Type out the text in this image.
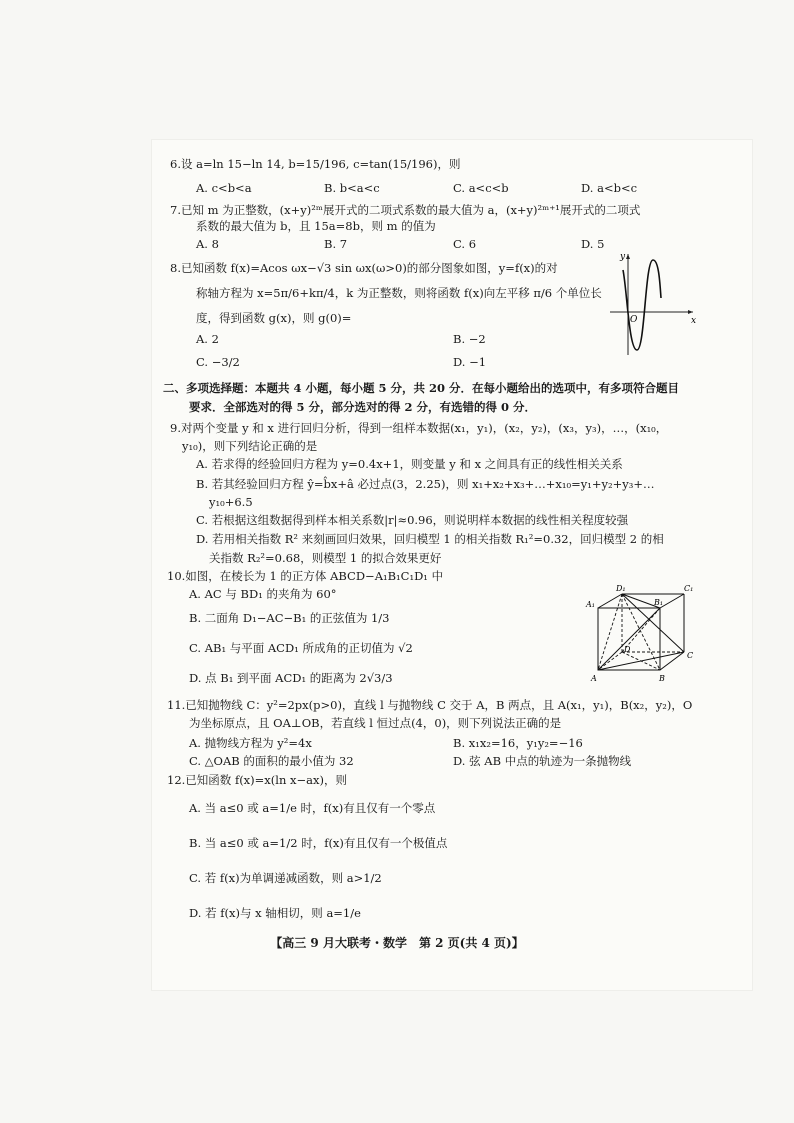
6.设 a=ln 15−ln 14, b=15/196, c=tan(15/196)，则
A. c<b<a	B. b<a<c	C. a<c<b	D. a<b<c
7.已知 m 为正整数，(x+y)²ᵐ展开式的二项式系数的最大值为 a，(x+y)²ᵐ⁺¹展开式的二项式
系数的最大值为 b，且 15a=8b，则 m 的值为
A. 8	B. 7	C. 6	D. 5
8.已知函数 f(x)=Acos ωx−√3 sin ωx(ω>0)的部分图象如图，y=f(x)的对
称轴方程为 x=5π/6+kπ/4，k 为正整数，则将函数 f(x)向左平移 π/6 个单位长
度，得到函数 g(x)，则 g(0)=
A. 2	B. −2
C. −3/2	D. −1
y
x
O
二、多项选择题：本题共 4 小题，每小题 5 分，共 20 分．在每小题给出的选项中，有多项符合题目
要求．全部选对的得 5 分，部分选对的得 2 分，有选错的得 0 分．
9.对两个变量 y 和 x 进行回归分析，得到一组样本数据(x₁，y₁)，(x₂，y₂)，(x₃，y₃)，…，(x₁₀，
y₁₀)，则下列结论正确的是
A. 若求得的经验回归方程为 y=0.4x+1，则变量 y 和 x 之间具有正的线性相关关系
B. 若其经验回归方程 ŷ=b̂x+â 必过点(3，2.25)，则 x₁+x₂+x₃+…+x₁₀=y₁+y₂+y₃+…
y₁₀+6.5
C. 若根据这组数据得到样本相关系数|r|≈0.96，则说明样本数据的线性相关程度较强
D. 若用相关指数 R² 来刻画回归效果，回归模型 1 的相关指数 R₁²=0.32，回归模型 2 的相
关指数 R₂²=0.68，则模型 1 的拟合效果更好
10.如图，在棱长为 1 的正方体 ABCD−A₁B₁C₁D₁ 中
A. AC 与 BD₁ 的夹角为 60°
B. 二面角 D₁−AC−B₁ 的正弦值为 1/3
C. AB₁ 与平面 ACD₁ 所成角的正切值为 √2
D. 点 B₁ 到平面 ACD₁ 的距离为 2√3/3
D₁	C₁
A₁	B₁
D
C
A	B
11.已知抛物线 C：y²=2px(p>0)，直线 l 与抛物线 C 交于 A，B 两点，且 A(x₁，y₁)，B(x₂，y₂)，O
为坐标原点，且 OA⊥OB，若直线 l 恒过点(4，0)，则下列说法正确的是
A. 抛物线方程为 y²=4x	B. x₁x₂=16，y₁y₂=−16
C. △OAB 的面积的最小值为 32	D. 弦 AB 中点的轨迹为一条抛物线
12.已知函数 f(x)=x(ln x−ax)，则
A. 当 a≤0 或 a=1/e 时，f(x)有且仅有一个零点
B. 当 a≤0 或 a=1/2 时，f(x)有且仅有一个极值点
C. 若 f(x)为单调递减函数，则 a>1/2
D. 若 f(x)与 x 轴相切，则 a=1/e
【高三 9 月大联考・数学　第 2 页(共 4 页)】
